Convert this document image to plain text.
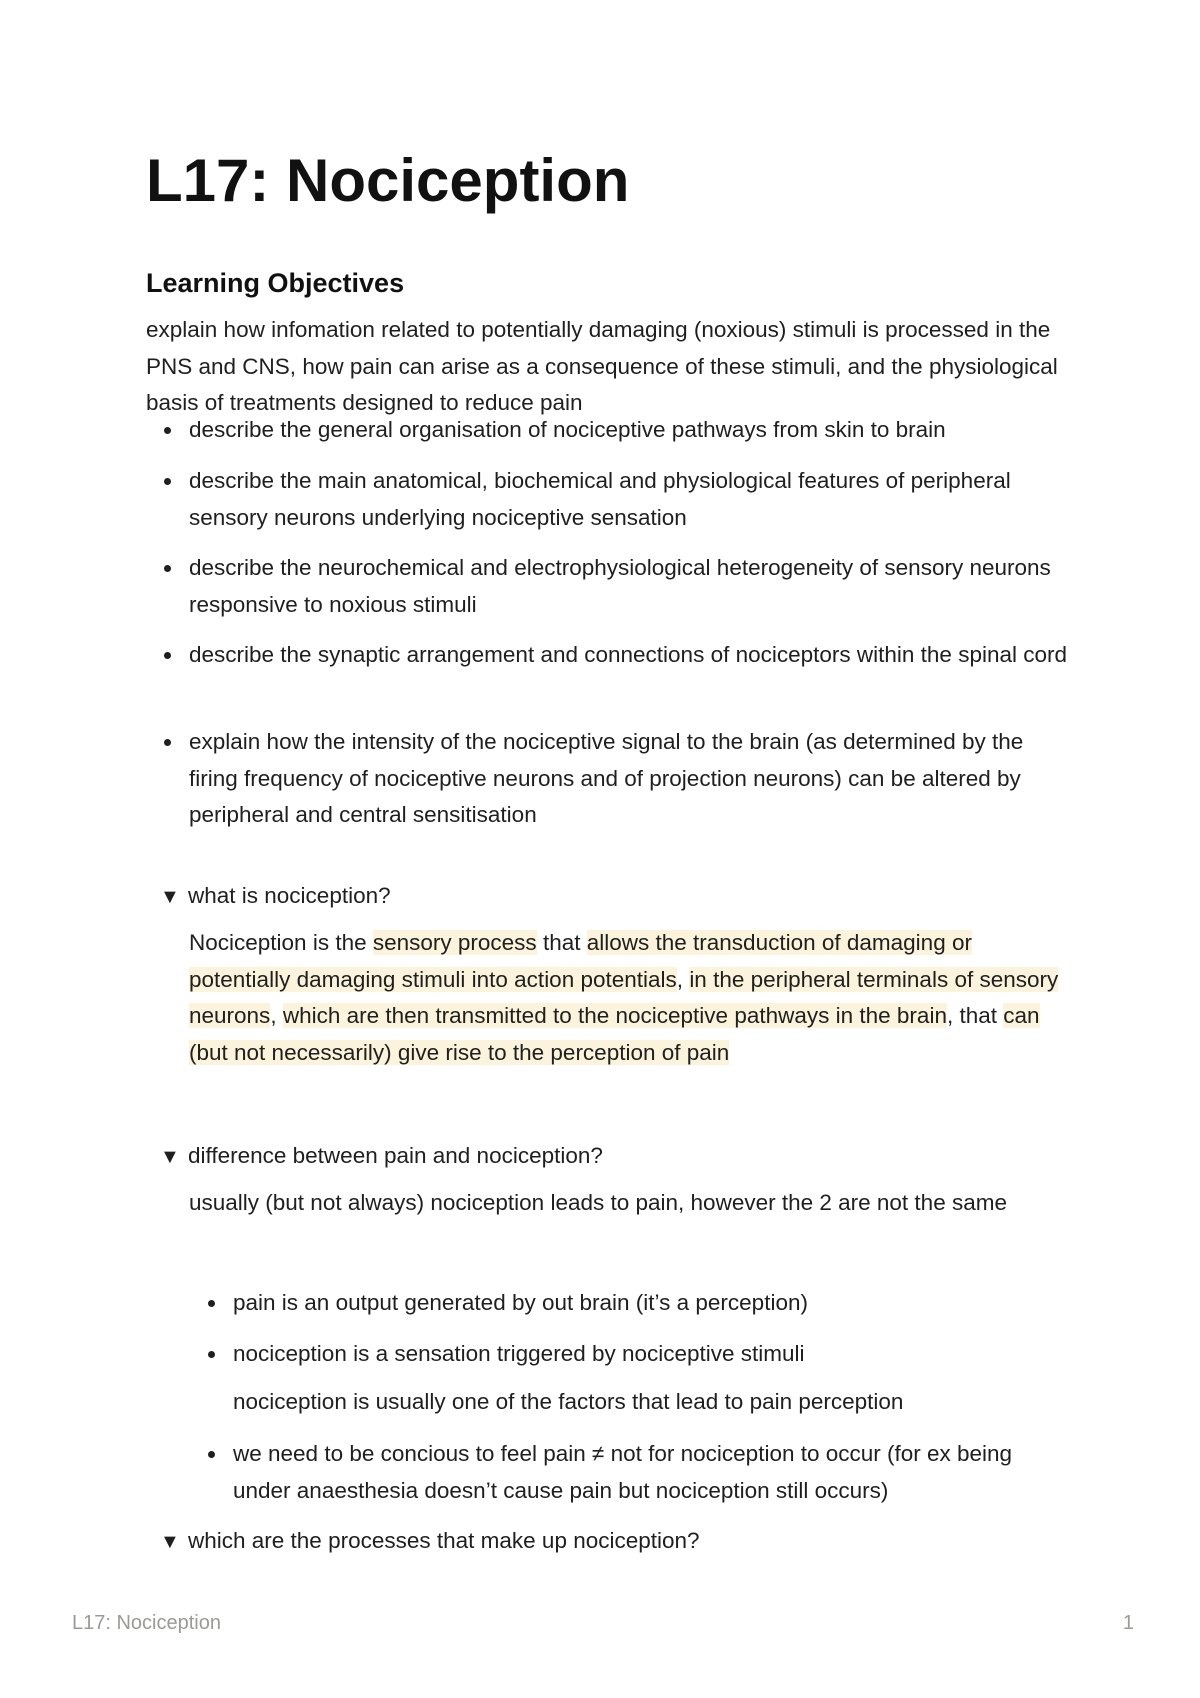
L17: Nociception
Learning Objectives

explain how infomation related to potentially damaging (noxious) stimuli is processed in the PNS and CNS, how pain can arise as a consequence of these stimuli, and the physiological basis of treatments designed to reduce pain

describe the general organisation of nociceptive pathways from skin to brain
describe the main anatomical, biochemical and physiological features of peripheral sensory neurons underlying nociceptive sensation
describe the neurochemical and electrophysiological heterogeneity of sensory neurons responsive to noxious stimuli
describe the synaptic arrangement and connections of nociceptors within the spinal cord
explain how the intensity of the nociceptive signal to the brain (as determined by the firing frequency of nociceptive neurons and of projection neurons) can be altered by peripheral and central sensitisation
▼ what is nociception?

Nociception is the sensory process that allows the transduction of damaging or potentially damaging stimuli into action potentials, in the peripheral terminals of sensory neurons, which are then transmitted to the nociceptive pathways in the brain, that can (but not necessarily) give rise to the perception of pain

▼ difference between pain and nociception?

usually (but not always) nociception leads to pain, however the 2 are not the same

pain is an output generated by out brain (it’s a perception)
nociception is a sensation triggered by nociceptive stimuli
nociception is usually one of the factors that lead to pain perception
we need to be concious to feel pain ≠ not for nociception to occur (for ex being under anaesthesia doesn’t cause pain but nociception still occurs)
▼ which are the processes that make up nociception?
L17: Nociception	1
